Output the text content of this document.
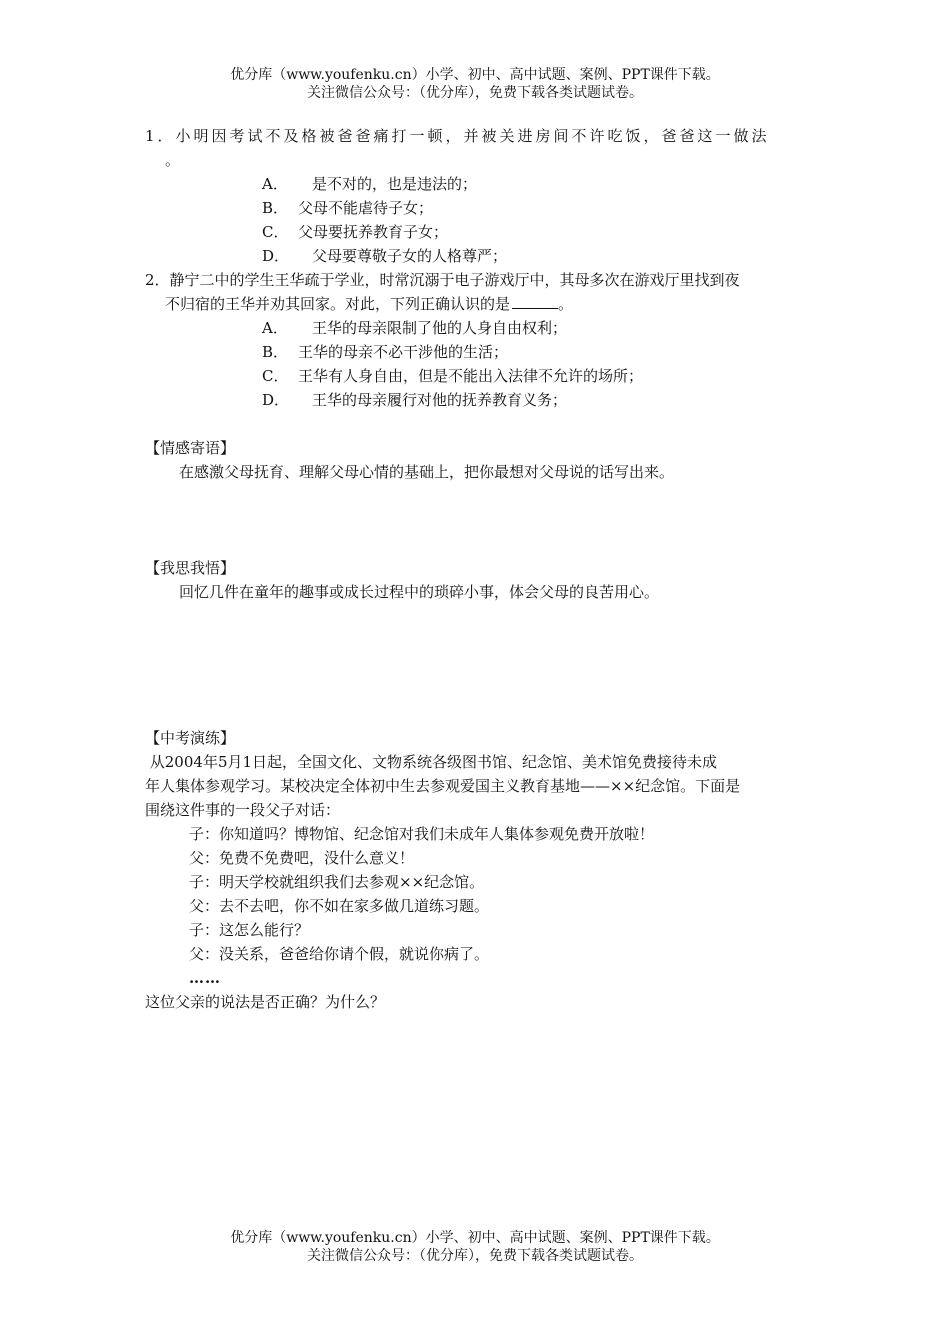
优分库（www.youfenku.cn）小学、初中、高中试题、案例、PPT课件下载。
关注微信公众号：（优分库），免费下载各类试题试卷。
1．小明因考试不及格被爸爸痛打一顿，并被关进房间不许吃饭，爸爸这一做法
。
A． 是不对的，也是违法的；
B． 父母不能虐待子女；
C． 父母要抚养教育子女；
D． 父母要尊敬子女的人格尊严；
2．静宁二中的学生王华疏于学业，时常沉溺于电子游戏厅中，其母多次在游戏厅里找到夜
不归宿的王华并劝其回家。对此，下列正确认识的是	。
A． 王华的母亲限制了他的人身自由权利；
B． 王华的母亲不必干涉他的生活；
C． 王华有人身自由，但是不能出入法律不允许的场所；
D． 王华的母亲履行对他的抚养教育义务；
【情感寄语】
在感激父母抚育、理解父母心情的基础上，把你最想对父母说的话写出来。
【我思我悟】
回忆几件在童年的趣事或成长过程中的琐碎小事，体会父母的良苦用心。
【中考演练】
从2004年5月1日起，全国文化、文物系统各级图书馆、纪念馆、美术馆免费接待未成
年人集体参观学习。某校决定全体初中生去参观爱国主义教育基地——××纪念馆。下面是
围绕这件事的一段父子对话：
子：你知道吗？博物馆、纪念馆对我们未成年人集体参观免费开放啦！
父：免费不免费吧，没什么意义！
子：明天学校就组织我们去参观××纪念馆。
父：去不去吧，你不如在家多做几道练习题。
子：这怎么能行？
父：没关系，爸爸给你请个假，就说你病了。
……
这位父亲的说法是否正确？为什么？
优分库（www.youfenku.cn）小学、初中、高中试题、案例、PPT课件下载。
关注微信公众号：（优分库），免费下载各类试题试卷。
